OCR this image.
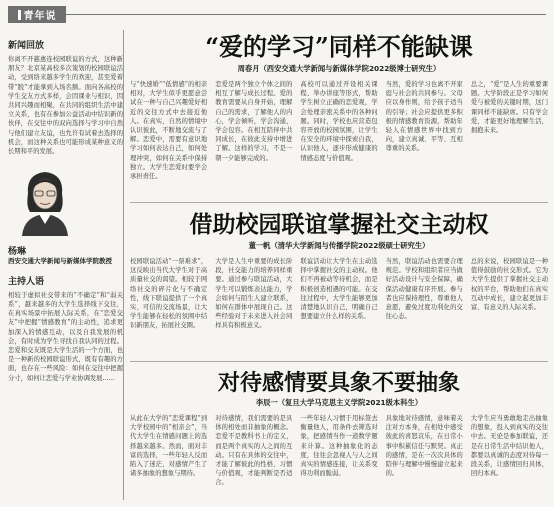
青年说
新闻回放
你离不开慈惠连校园联谊的方式，这种新朋友？北京某高校多次策划的校园联谊活动，受到络来越多学生的欢迎，甚至爱着带“脱”才能拿到入场名额。面向各高校的学生交友方式多样，会因课业与相识，因共同兴趣而相聚，在共同的组织生活中建立关系，也有在参加公益活动中结识新的伙伴，在交往中的双向选择与学习中自然与他们建立友谊，也允许有试着去选择的机会，而这种关系也可能形成某种意义的长期和平的发展。
杨琳
西安交通大学新闻与新媒体学院教授
主持人语
相较于虚拟社交带来的“不确定”和“弱关系”，越来越多的大学生选择线下交往，在真实场景中拓展人际关系，在“恋爱交友”中把握“情感教育”的主动性，追求更加深入的情感互动，以及自我发展的机会，有时成为学生寻找自我认同的过程。恋爱和交友既是大学生活的一个方面，也是一种新的校园联谊形式，既有有趣的方面，也存在一些风险：如何在交往中把握分寸，如何让恋爱与学业协调发展……
“爱的学习”同样不能缺课
周春月（西安交通大学新闻与新媒体学院2022级博士研究生）
与“快速婚”“低情感”的相亲相对，大学生似乎更愿意尝试在一种与自己兴趣爱好相近的交往方式中去接近他人。在真实、自然的情境中认识彼此，不断地交流与了解。恋爱中，需要有意识地学习如何表达自己，如何处理冲突，如何在关系中保持独立。大学生恋爱时要学会承担责任。
恋爱是两个独立个体之间的相互了解与成长过程。爱的教育需要从自身开始，理解自己的需求，了解他人的内心，学会倾听，学会沟通，学会包容。在相互陪伴中共同成长，在彼此支持中增进了解。这样的学习，不是一朝一夕能够完成的。
高校可以通过开设相关课程、举办讲座等形式，帮助学生树立正确的恋爱观，学会处理亲密关系中的各种问题。同时，学校也应营造包容开放的校园氛围，让学生在安全的环境中探索自我，认识他人，逐步形成健康的情感态度与价值观。
当然，爱的学习也离不开家庭与社会的共同参与。父母应以身作则，给予孩子适当的引导；社会应提供更多积极的情感教育资源，帮助年轻人在情感世界中找到方向，建立真诚、平等、互相尊重的关系。
总之，“爱”是人生的重要课题。大学阶段正是学习如何爱与被爱的关键时期，这门课同样不能缺席。只有学会爱，才能更好地理解生活，拥抱未来。
借助校园联谊掌握社交主动权
董一帆（清华大学新闻与传播学院2022级硕士研究生）
校园联谊活动“一票难求”，这反映出当代大学生对于高质量社交的渴望。相较于网络社交的碎片化与不确定性，线下联谊提供了一个真实、可信的交流场景，让大学生能够在轻松的氛围中结识新朋友，拓展社交圈。
大学是人生中重要的成长阶段，社交能力的培养同样重要。通过参与联谊活动，大学生可以锻炼表达能力，学会如何与陌生人建立联系，如何在群体中展现自己。这些经验对于未来进入社会同样具有积极意义。
联谊活动让大学生在主动选择中掌握社交的主动权。他们不再被动等待机会，而是积极创造相遇的可能。在交往过程中，大学生能够更加清楚地认识自己，明确自己想要建立什么样的关系。
当然，联谊活动也需要合理规范。学校和组织者应当做好活动设计与安全保障，确保活动健康有序开展。参与者也应保持理性，尊重他人意愿，避免过度功利化的交往心态。
总的来说，校园联谊是一种值得鼓励的社交形式。它为大学生提供了掌握社交主动权的平台，帮助他们在真实互动中成长，建立起更加丰富、有意义的人际关系。
对待感情要具象不要抽象
李辰一（复旦大学马克思主义学院2021级本科生）
从此在大学的“恋爱课程”到大学校园中的“相亲会”，当代大学生在情感问题上的选择越来越多。然而，面对丰富的选择，一些年轻人反而陷入了迷茫，对感情产生了诸多抽象的想象与期待。
对待感情，我们需要的是具体的相处而非抽象的概念。恋爱不是教科书上的定义，而是两个真实的人之间的互动。只有在具体的交往中，才能了解彼此的性格、习惯与价值观，才能判断是否适合。
一些年轻人习惯于用标签去衡量他人，用条件去筛选对象，把感情当作一道数学题来计算。这种抽象化的态度，往往会忽视人与人之间真实的情感连接，让关系变得功利而脆弱。
具象地对待感情，意味着关注对方本身，在相处中感受彼此的喜怒哀乐，在日常小事中积累信任与默契。真正的感情，是在一次次具体的陪伴与理解中慢慢建立起来的。
大学生应当勇敢地走出抽象的想象，投入到真实的交往中去。无论是参加联谊，还是在日常生活中结识他人，都要以真诚的态度对待每一段关系，让感情回归具体，回归本真。
